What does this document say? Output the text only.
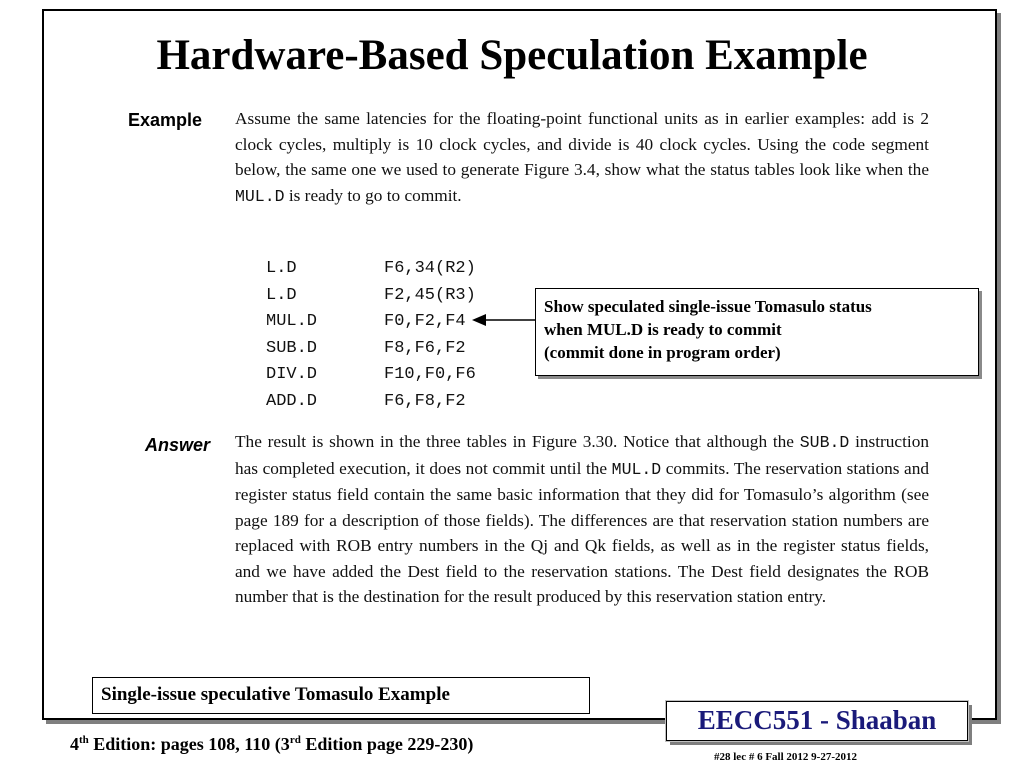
Hardware-Based Speculation Example
Example Assume the same latencies for the floating-point functional units as in earlier examples: add is 2 clock cycles, multiply is 10 clock cycles, and divide is 40 clock cycles. Using the code segment below, the same one we used to generate Figure 3.4, show what the status tables look like when the MUL.D is ready to go to commit.
L.D	F6,34(R2)
L.D	F2,45(R3)
MUL.D	F0,F2,F4
SUB.D	F8,F6,F2
DIV.D	F10,F0,F6
ADD.D	F6,F8,F2
Show speculated single-issue Tomasulo status
when MUL.D is ready to commit
(commit done in program order)
Answer The result is shown in the three tables in Figure 3.30. Notice that although the SUB.D instruction has completed execution, it does not commit until the MUL.D commits. The reservation stations and register status field contain the same basic information that they did for Tomasulo’s algorithm (see page 189 for a description of those fields). The differences are that reservation station numbers are replaced with ROB entry numbers in the Qj and Qk fields, as well as in the register status fields, and we have added the Dest field to the reservation stations. The Dest field designates the ROB number that is the destination for the result produced by this reservation station entry.
Single-issue speculative Tomasulo Example
4th Edition: pages 108, 110 (3rd Edition page 229-230)
EECC551 - Shaaban
#28 lec # 6 Fall 2012 9-27-2012
